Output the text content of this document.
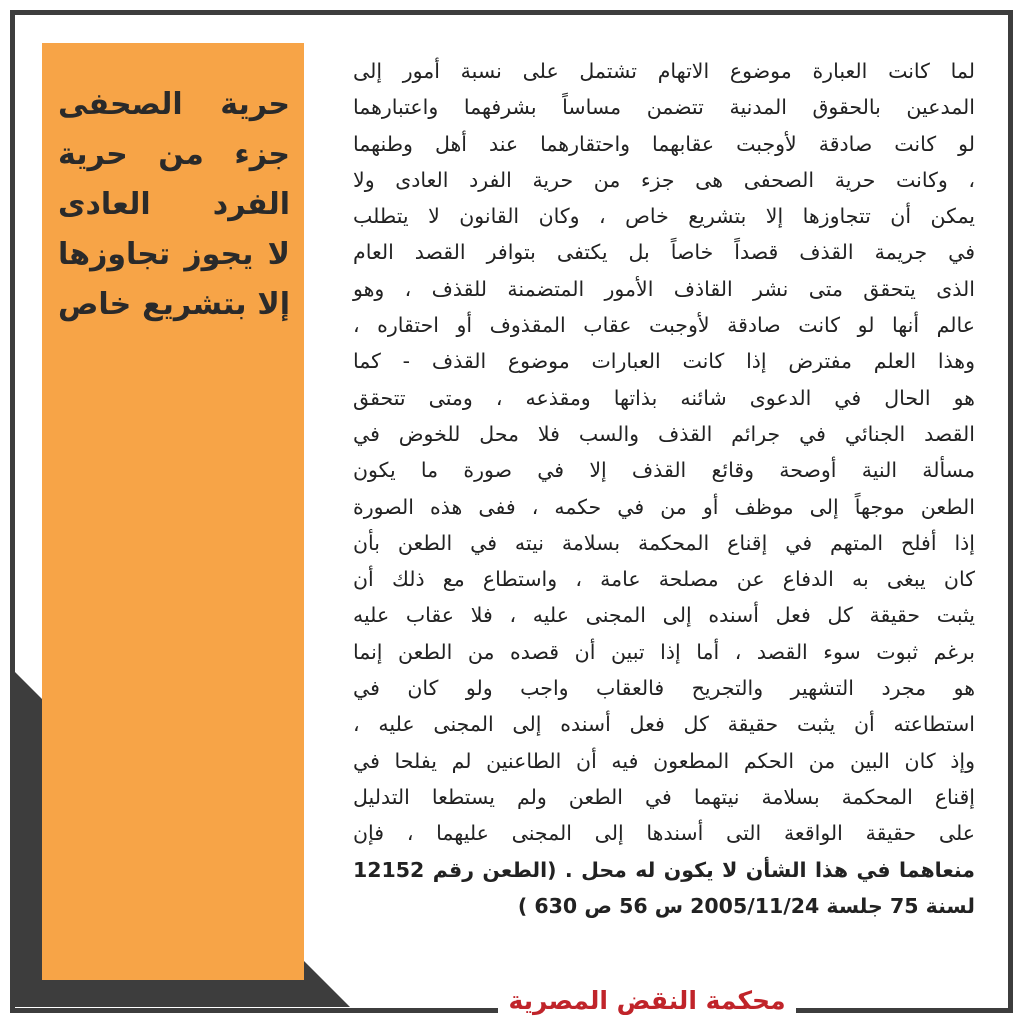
حرية الصحفى
جزء من حرية
الفرد العادى
لا يجوز تجاوزها
إلا بتشريع خاص
لما كانت العبارة موضوع الاتهام تشتمل على نسبة أمور إلى
المدعين بالحقوق المدنية تتضمن مساساً بشرفهما واعتبارهما
لو كانت صادقة لأوجبت عقابهما واحتقارهما عند أهل وطنهما
، وكانت حرية الصحفى هى جزء من حرية الفرد العادى ولا
يمكن أن تتجاوزها إلا بتشريع خاص ، وكان القانون لا يتطلب
في جريمة القذف قصداً خاصاً بل يكتفى بتوافر القصد العام
الذى يتحقق متى نشر القاذف الأمور المتضمنة للقذف ، وهو
عالم أنها لو كانت صادقة لأوجبت عقاب المقذوف أو احتقاره ،
وهذا العلم مفترض إذا كانت العبارات موضوع القذف - كما
هو الحال في الدعوى شائنه بذاتها ومقذعه ، ومتى تتحقق
القصد الجنائي في جرائم القذف والسب فلا محل للخوض في
مسألة النية أوصحة وقائع القذف إلا في صورة ما يكون
الطعن موجهاً إلى موظف أو من في حكمه ، ففى هذه الصورة
إذا أفلح المتهم في إقناع المحكمة بسلامة نيته في الطعن بأن
كان يبغى به الدفاع عن مصلحة عامة ، واستطاع مع ذلك أن
يثبت حقيقة كل فعل أسنده إلى المجنى عليه ، فلا عقاب عليه
برغم ثبوت سوء القصد ، أما إذا تبين أن قصده من الطعن إنما
هو مجرد التشهير والتجريح فالعقاب واجب ولو كان في
استطاعته أن يثبت حقيقة كل فعل أسنده إلى المجنى عليه ،
وإذ كان البين من الحكم المطعون فيه أن الطاعنين لم يفلحا في
إقناع المحكمة بسلامة نيتهما في الطعن ولم يستطعا التدليل
على حقيقة الواقعة التى أسندها إلى المجنى عليهما ، فإن
منعاهما في هذا الشأن لا يكون له محل . (الطعن رقم 12152
لسنة 75 جلسة 2005/11/24 س 56 ص 630 )
محكمة النقض المصرية
